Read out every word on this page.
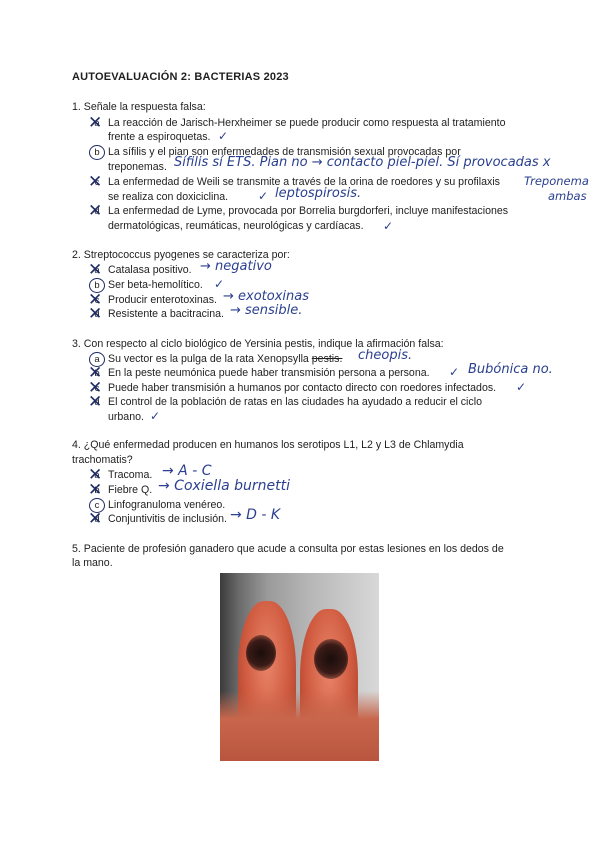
AUTOEVALUACIÓN 2: BACTERIAS 2023
1. Señale la respuesta falsa:
a ✕ La reacción de Jarisch-Herxheimer se puede producir como respuesta al tratamiento
frente a espiroquetas. ✓
b La sífilis y el pian son enfermedades de transmisión sexual provocadas por
treponemas. Sífilis sí ETS. Pian no → contacto piel-piel. Sí provocadas x
c ✕ La enfermedad de Weili se transmite a través de la orina de roedores y su profilaxis Treponema
ambas
se realiza con doxiciclina. ✓ leptospirosis.
d ✕ La enfermedad de Lyme, provocada por Borrelia burgdorferi, incluye manifestaciones
dermatológicas, reumáticas, neurológicas y cardíacas. ✓
2. Streptococcus pyogenes se caracteriza por:
a ✕ Catalasa positivo. → negativo
b Ser beta-hemolítico. ✓
c ✕ Producir enterotoxinas. → exotoxinas
d ✕ Resistente a bacitracina. → sensible.
3. Con respecto al ciclo biológico de Yersinia pestis, indique la afirmación falsa:
a Su vector es la pulga de la rata Xenopsylla pestis. cheopis.
b ✕ En la peste neumónica puede haber transmisión persona a persona. ✓ Bubónica no.
c ✕ Puede haber transmisión a humanos por contacto directo con roedores infectados. ✓
d ✕ El control de la población de ratas en las ciudades ha ayudado a reducir el ciclo
urbano. ✓
4. ¿Qué enfermedad producen en humanos los serotipos L1, L2 y L3 de Chlamydia
trachomatis?
a ✕ Tracoma. → A - C
b ✕ Fiebre Q. → Coxiella burnetti
c Linfogranuloma venéreo.
d ✕ Conjuntivitis de inclusión. → D - K
5. Paciente de profesión ganadero que acude a consulta por estas lesiones en los dedos de
la mano.
